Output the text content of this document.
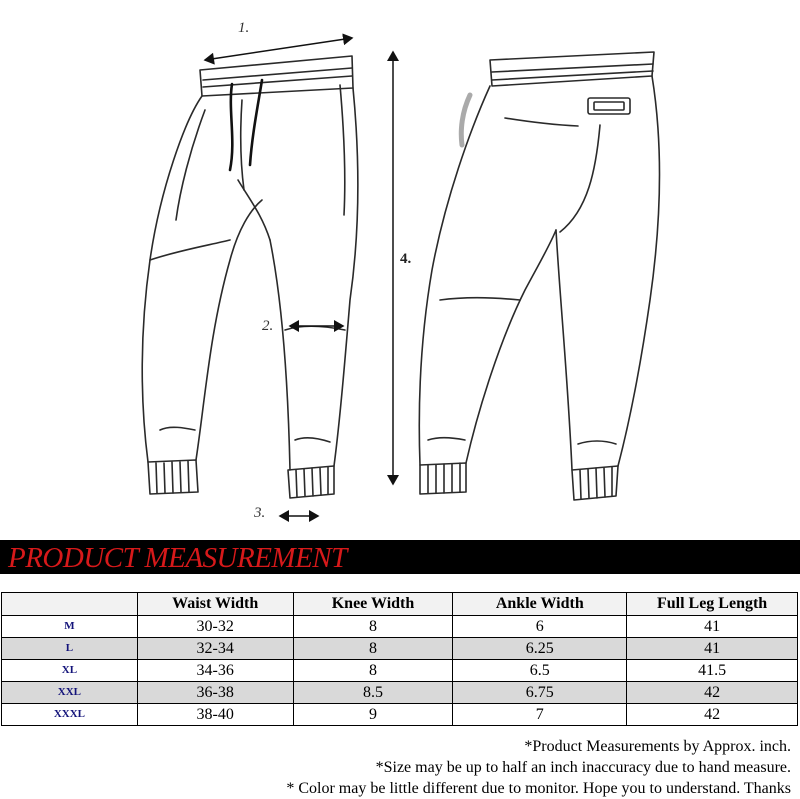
1.
2.
3.
4.
PRODUCT MEASUREMENT
	Waist Width	Knee Width	Ankle Width	Full Leg Length
M	30-32	8	6	41
L	32-34	8	6.25	41
XL	34-36	8	6.5	41.5
XXL	36-38	8.5	6.75	42
XXXL	38-40	9	7	42
*Product Measurements by Approx. inch.
*Size may be up to half an inch inaccuracy due to hand measure.
* Color may be little different due to monitor. Hope you to understand. Thanks
